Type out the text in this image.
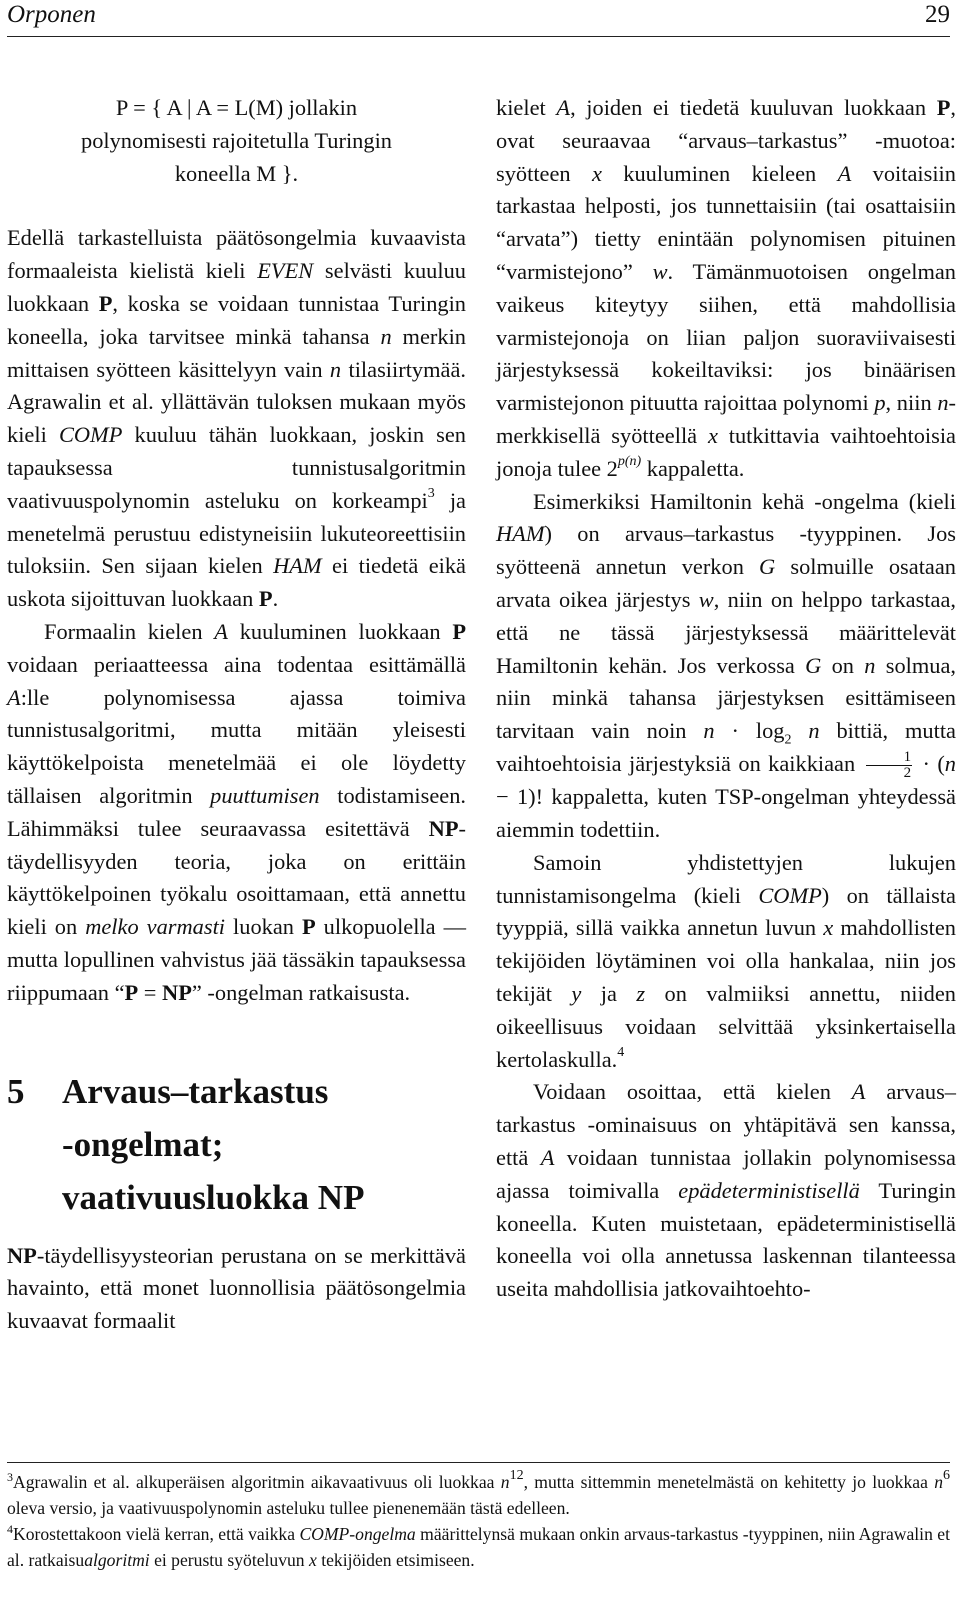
Orponen	29
P = { A | A = L(M) jollakin
polynomisesti rajoitetulla Turingin
koneella M }.

Edellä tarkastelluista päätösongelmia kuvaavista formaaleista kielistä kieli EVEN selvästi kuuluu luokkaan P, koska se voidaan tunnistaa Turingin koneella, joka tarvitsee minkä tahansa n merkin mittaisen syötteen käsittelyyn vain n tilasiirtymää. Agrawalin et al. yllättävän tuloksen mukaan myös kieli COMP kuuluu tähän luokkaan, joskin sen tapauksessa tunnistusalgoritmin vaativuuspolynomin asteluku on korkeampi$^3$ ja menetelmä perustuu edistyneisiin lukuteoreettisiin tuloksiin. Sen sijaan kielen HAM ei tiedetä eikä uskota sijoittuvan luokkaan P.

Formaalin kielen A kuuluminen luokkaan P voidaan periaatteessa aina todentaa esittämällä A:lle polynomisessa ajassa toimiva tunnistusalgoritmi, mutta mitään yleisesti käyttökelpoista menetelmää ei ole löydetty tällaisen algoritmin puuttumisen todistamiseen. Lähimmäksi tulee seuraavassa esitettävä NP-täydellisyyden teoria, joka on erittäin käyttökelpoinen työkalu osoittamaan, että annettu kieli on melko varmasti luokan P ulkopuolella — mutta lopullinen vahvistus jää tässäkin tapauksessa riippumaan “P = NP” -ongelman ratkaisusta.

5	Arvaus–tarkastus
-ongelmat;
vaativuusluokka NP

NP-täydellisyysteorian perustana on se merkittävä havainto, että monet luonnollisia päätösongelmia kuvaavat formaalit

kielet A, joiden ei tiedetä kuuluvan luokkaan P, ovat seuraavaa “arvaus–tarkastus” -muotoa: syötteen x kuuluminen kieleen A voitaisiin tarkastaa helposti, jos tunnettaisiin (tai osattaisiin “arvata”) tietty enintään polynomisen pituinen “varmistejono” w. Tämänmuotoisen ongelman vaikeus kiteytyy siihen, että mahdollisia varmistejonoja on liian paljon suoraviivaisesti järjestyksessä kokeiltaviksi: jos binäärisen varmistejonon pituutta rajoittaa polynomi p, niin n-merkkisellä syötteellä x tutkittavia vaihtoehtoisia jonoja tulee $2^{p(n)}$ kappaletta.

Esimerkiksi Hamiltonin kehä -ongelma (kieli HAM) on arvaus–tarkastus -tyyppinen. Jos syötteenä annetun verkon G solmuille osataan arvata oikea järjestys w, niin on helppo tarkastaa, että ne tässä järjestyksessä määrittelevät Hamiltonin kehän. Jos verkossa G on n solmua, niin minkä tahansa järjestyksen esittämiseen tarvitaan vain noin $n \cdot \log_2 n$ bittiä, mutta vaihtoehtoisia järjestyksiä on kaikkiaan $\frac{1}{2} \cdot (n - 1)$! kappaletta, kuten TSP-ongelman yhteydessä aiemmin todettiin.

Samoin yhdistettyjen lukujen tunnistamisongelma (kieli COMP) on tällaista tyyppiä, sillä vaikka annetun luvun x mahdollisten tekijöiden löytäminen voi olla hankalaa, niin jos tekijät y ja z on valmiiksi annettu, niiden oikeellisuus voidaan selvittää yksinkertaisella kertolaskulla.$^4$

Voidaan osoittaa, että kielen A arvaus–tarkastus -ominaisuus on yhtäpitävä sen kanssa, että A voidaan tunnistaa jollakin polynomisessa ajassa toimivalla epädeterministisellä Turingin koneella. Kuten muistetaan, epädeterministisellä koneella voi olla annetussa laskennan tilanteessa useita mahdollisia jatkovaihtoehto-

$^3$Agrawalin et al. alkuperäisen algoritmin aikavaativuus oli luokkaa $n^{12}$, mutta sittemmin menetelmästä on kehitetty jo luokkaa $n^6$ oleva versio, ja vaativuuspolynomin asteluku tullee pienenemään tästä edelleen.

$^4$Korostettakoon vielä kerran, että vaikka COMP-ongelma määrittelynsä mukaan onkin arvaus-tarkastus -tyyppinen, niin Agrawalin et al. ratkaisualgoritmi ei perustu syöteluvun x tekijöiden etsimiseen.
